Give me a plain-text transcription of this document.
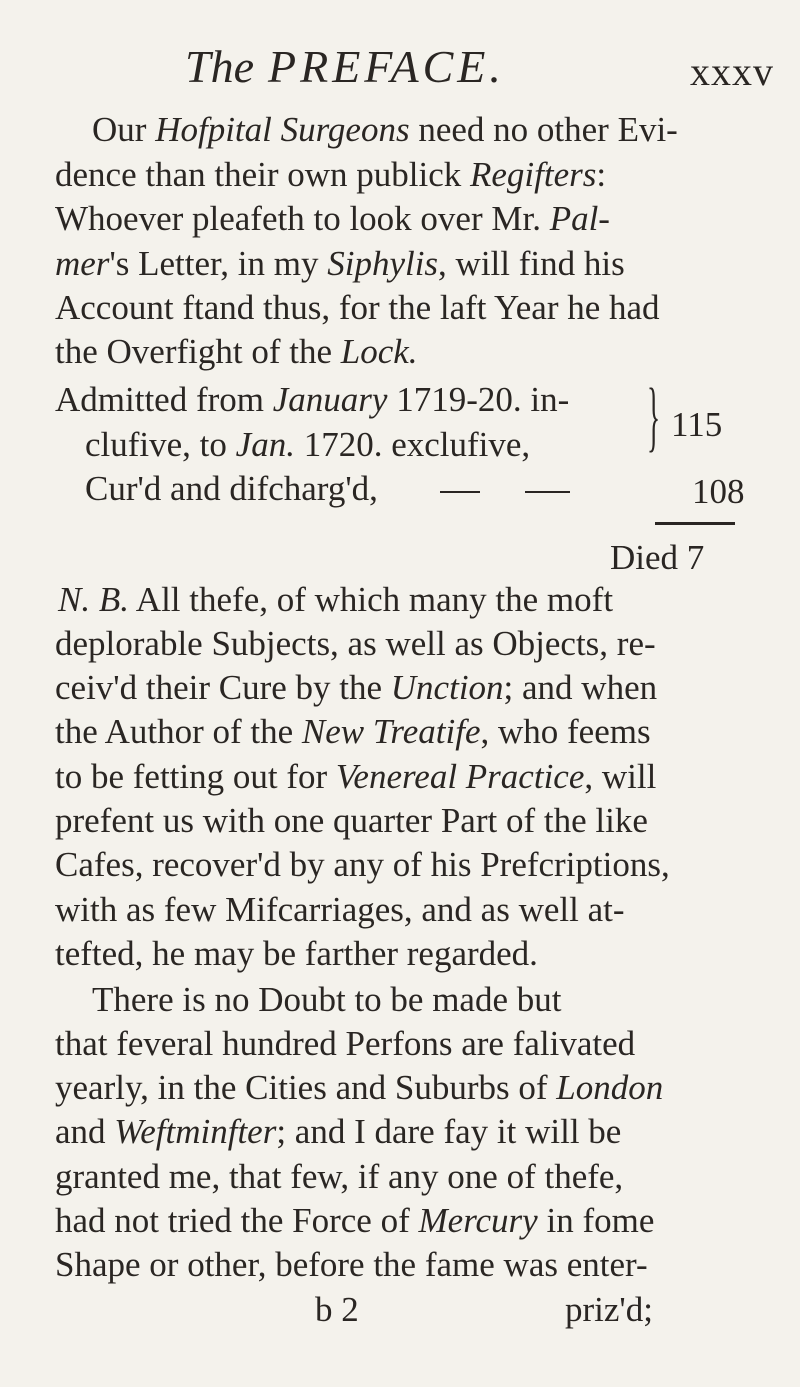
The PREFACE.	xxxv
Our Hofpital Surgeons need no other Evi-
dence than their own publick Regifters:
Whoever pleafeth to look over Mr. Pal-
mer's Letter, in my Siphylis, will find his
Account ftand thus, for the laft Year he had
the Overfight of the Lock.
Admitted from January 1719-20. in-
clufive, to Jan. 1720. exclufive,	} 115
Cur'd and difcharg'd,	108
Died 7
N. B. All thefe, of which many the moft
deplorable Subjects, as well as Objects, re-
ceiv'd their Cure by the Unction; and when
the Author of the New Treatife, who feems
to be fetting out for Venereal Practice, will
prefent us with one quarter Part of the like
Cafes, recover'd by any of his Prefcriptions,
with as few Mifcarriages, and as well at-
tefted, he may be farther regarded.
There is no Doubt to be made but
that feveral hundred Perfons are falivated
yearly, in the Cities and Suburbs of London
and Weftminfter; and I dare fay it will be
granted me, that few, if any one of thefe,
had not tried the Force of Mercury in fome
Shape or other, before the fame was enter-
b 2	priz'd;
